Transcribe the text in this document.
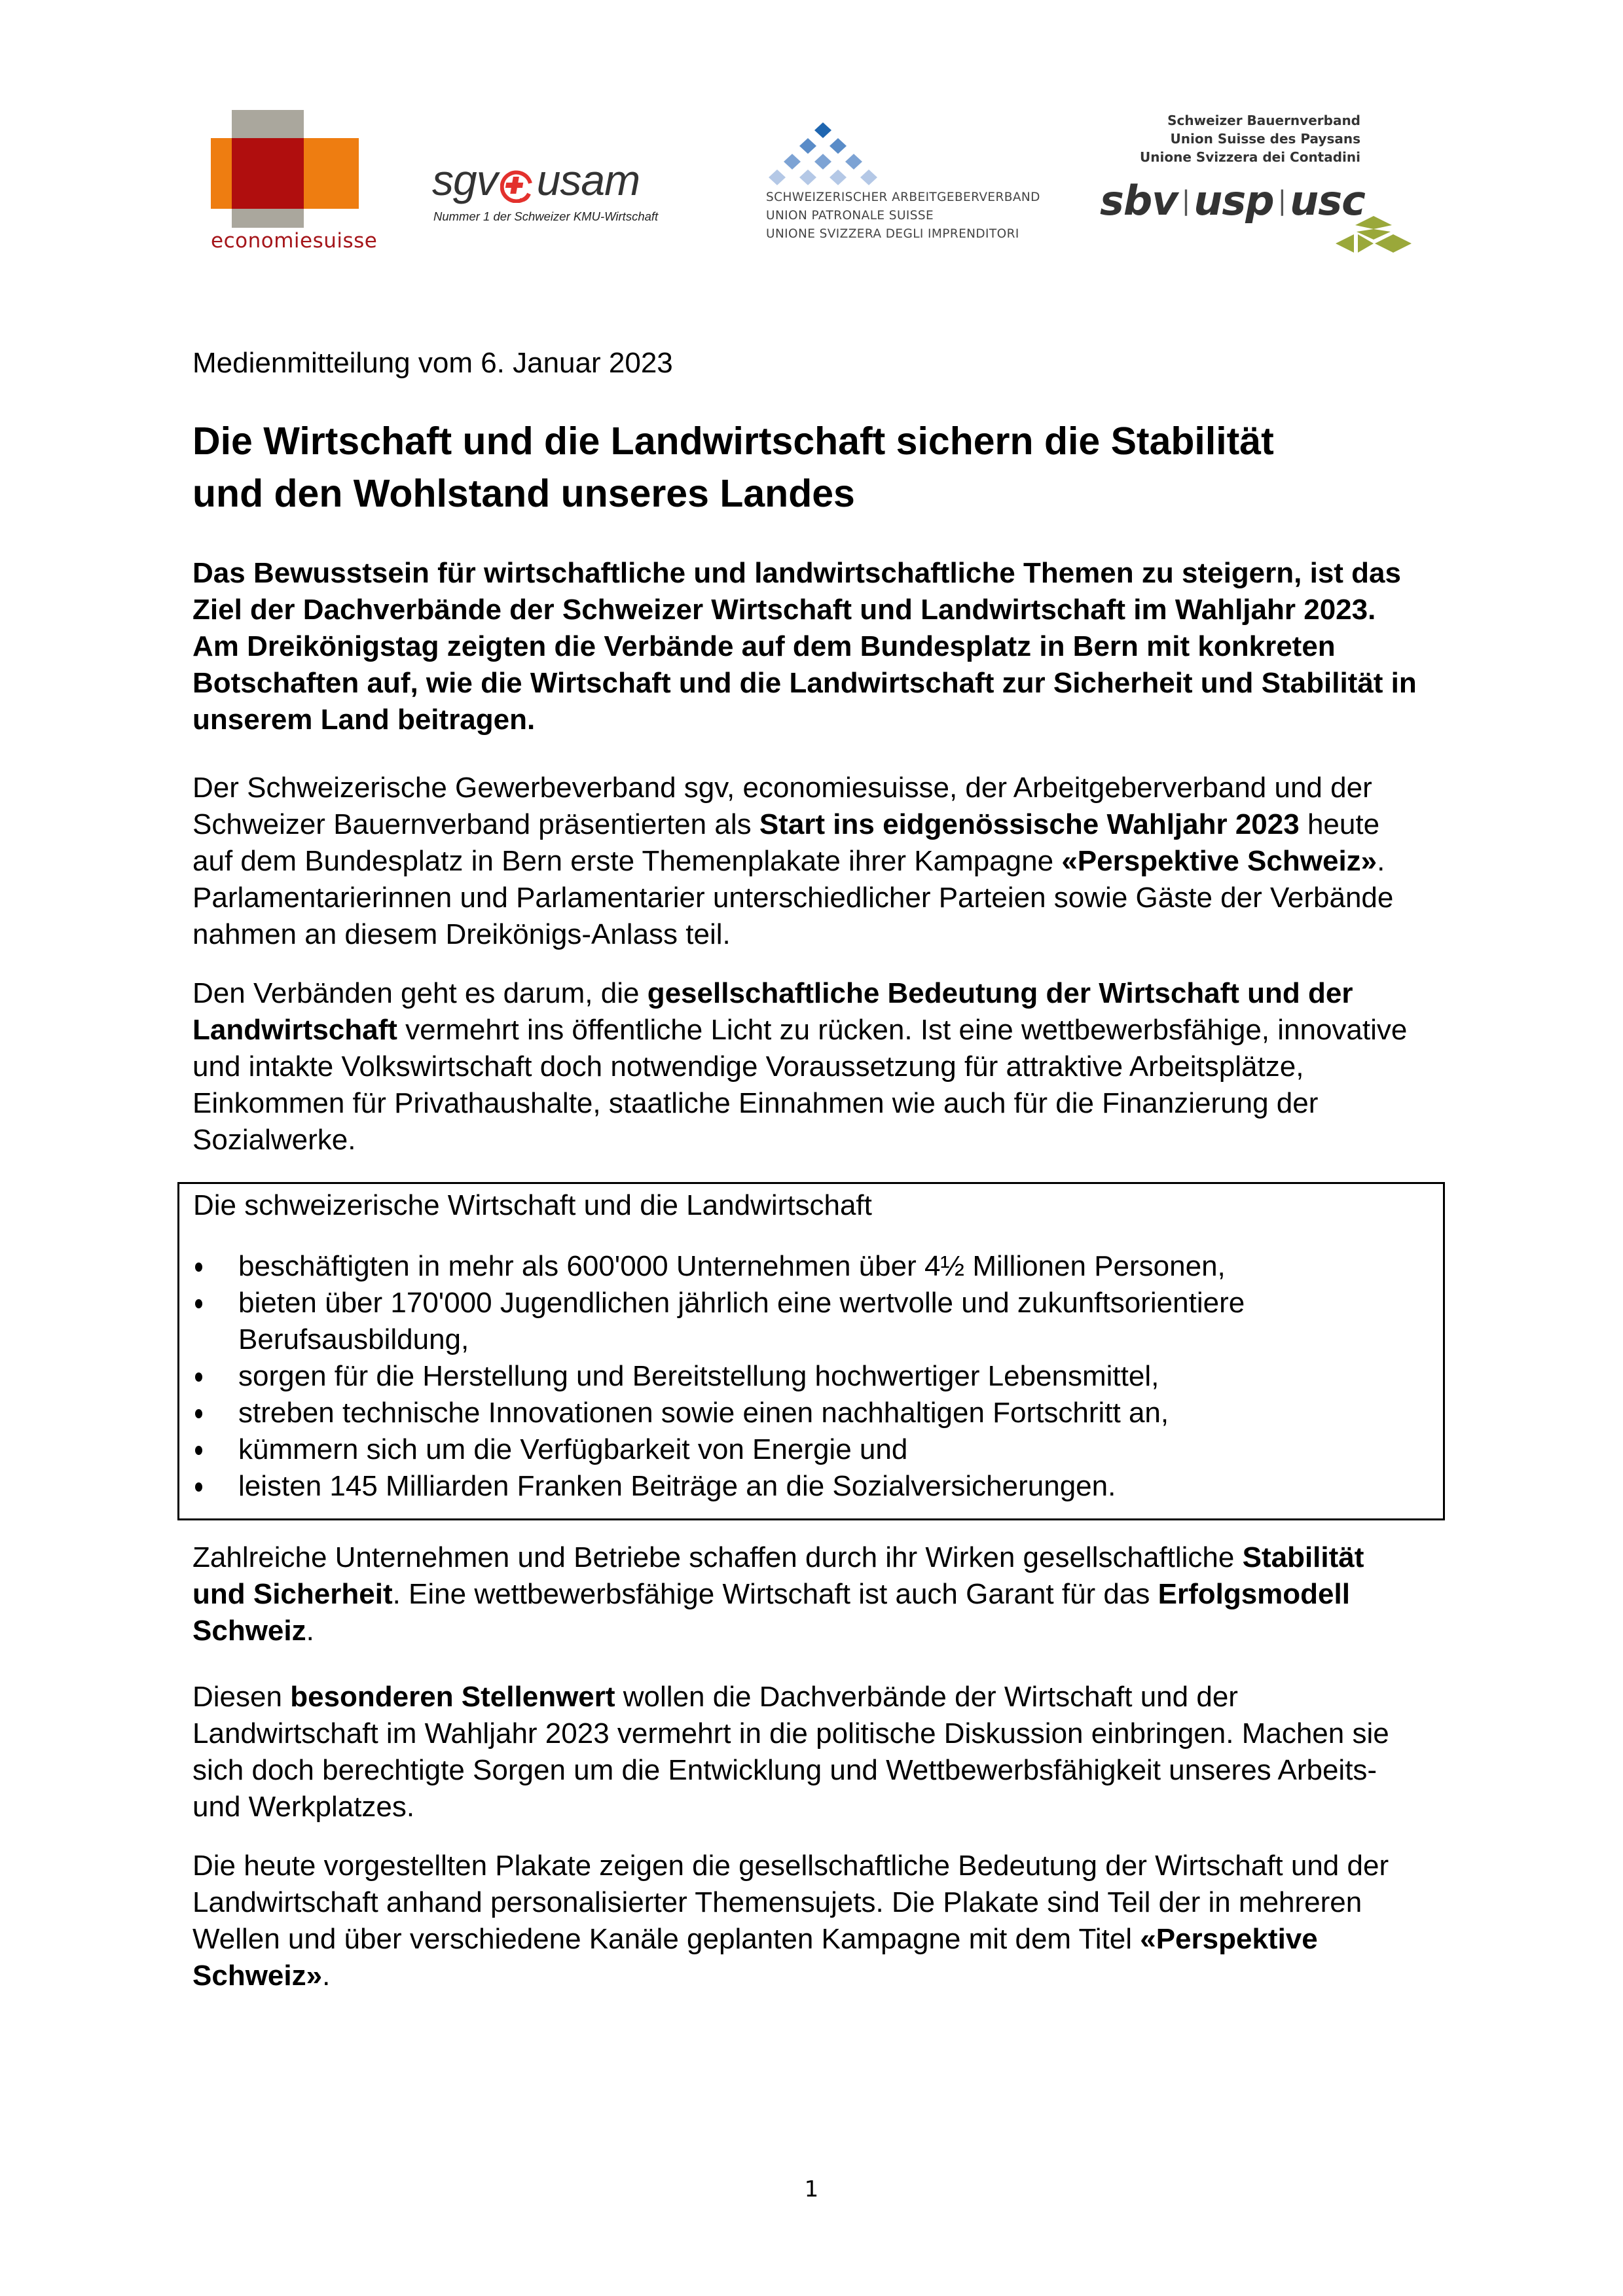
economiesuisse
sgv usam
Nummer 1 der Schweizer KMU-Wirtschaft
SCHWEIZERISCHER ARBEITGEBERVERBAND
UNION PATRONALE SUISSE
UNIONE SVIZZERA DEGLI IMPRENDITORI
Schweizer Bauernverband
Union Suisse des Paysans
Unione Svizzera dei Contadini
sbv |usp |usc
Medienmitteilung vom 6. Januar 2023
Die Wirtschaft und die Landwirtschaft sichern die Stabilität
und den Wohlstand unseres Landes
Das Bewusstsein für wirtschaftliche und landwirtschaftliche Themen zu steigern, ist das Ziel der Dachverbände der Schweizer Wirtschaft und Landwirtschaft im Wahljahr 2023. Am Dreikönigstag zeigten die Verbände auf dem Bundesplatz in Bern mit konkreten Botschaften auf, wie die Wirtschaft und die Landwirtschaft zur Sicherheit und Stabilität in unserem Land beitragen.
Der Schweizerische Gewerbeverband sgv, economiesuisse, der Arbeitgeberverband und der Schweizer Bauernverband präsentierten als Start ins eidgenössische Wahljahr 2023 heute auf dem Bundesplatz in Bern erste Themenplakate ihrer Kampagne «Perspektive Schweiz». Parlamentarierinnen und Parlamentarier unterschiedlicher Parteien sowie Gäste der Verbände nahmen an diesem Dreikönigs-Anlass teil.
Den Verbänden geht es darum, die gesellschaftliche Bedeutung der Wirtschaft und der Landwirtschaft vermehrt ins öffentliche Licht zu rücken. Ist eine wettbewerbsfähige, innovative und intakte Volkswirtschaft doch notwendige Voraussetzung für attraktive Arbeitsplätze, Einkommen für Privathaushalte, staatliche Einnahmen wie auch für die Finanzierung der Sozialwerke.
Die schweizerische Wirtschaft und die Landwirtschaft
beschäftigten in mehr als 600'000 Unternehmen über 4½ Millionen Personen,
bieten über 170'000 Jugendlichen jährlich eine wertvolle und zukunftsorientiere Berufsausbildung,
sorgen für die Herstellung und Bereitstellung hochwertiger Lebensmittel,
streben technische Innovationen sowie einen nachhaltigen Fortschritt an,
kümmern sich um die Verfügbarkeit von Energie und
leisten 145 Milliarden Franken Beiträge an die Sozialversicherungen.
Zahlreiche Unternehmen und Betriebe schaffen durch ihr Wirken gesellschaftliche Stabilität und Sicherheit. Eine wettbewerbsfähige Wirtschaft ist auch Garant für das Erfolgsmodell Schweiz.
Diesen besonderen Stellenwert wollen die Dachverbände der Wirtschaft und der Landwirtschaft im Wahljahr 2023 vermehrt in die politische Diskussion einbringen. Machen sie sich doch berechtigte Sorgen um die Entwicklung und Wettbewerbsfähigkeit unseres Arbeits- und Werkplatzes.
Die heute vorgestellten Plakate zeigen die gesellschaftliche Bedeutung der Wirtschaft und der Landwirtschaft anhand personalisierter Themensujets. Die Plakate sind Teil der in mehreren Wellen und über verschiedene Kanäle geplanten Kampagne mit dem Titel «Perspektive Schweiz».
1
